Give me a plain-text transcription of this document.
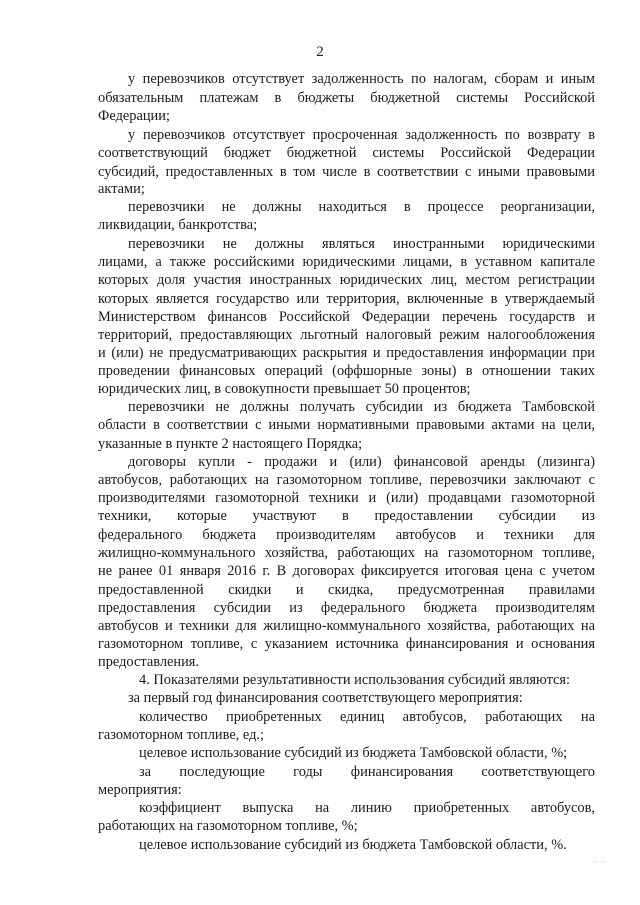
2
у перевозчиков отсутствует задолженность по налогам, сборам и иным
обязательным платежам в бюджеты бюджетной системы Российской
Федерации;
у перевозчиков отсутствует просроченная задолженность по возврату в
соответствующий бюджет бюджетной системы Российской Федерации
субсидий, предоставленных в том числе в соответствии с иными правовыми
актами;
перевозчики не должны находиться в процессе реорганизации,
ликвидации, банкротства;
перевозчики не должны являться иностранными юридическими
лицами, а также российскими юридическими лицами, в уставном капитале
которых доля участия иностранных юридических лиц, местом регистрации
которых является государство или территория, включенные в утверждаемый
Министерством финансов Российской Федерации перечень государств и
территорий, предоставляющих льготный налоговый режим налогообложения
и (или) не предусматривающих раскрытия и предоставления информации при
проведении финансовых операций (оффшорные зоны) в отношении таких
юридических лиц, в совокупности превышает 50 процентов;
перевозчики не должны получать субсидии из бюджета Тамбовской
области в соответствии с иными нормативными правовыми актами на цели,
указанные в пункте 2 настоящего Порядка;
договоры купли - продажи и (или) финансовой аренды (лизинга)
автобусов, работающих на газомоторном топливе, перевозчики заключают с
производителями газомоторной техники и (или) продавцами газомоторной
техники, которые участвуют в предоставлении субсидии из
федерального бюджета производителям автобусов и техники для
жилищно-коммунального хозяйства, работающих на газомоторном топливе,
не ранее 01 января 2016 г. В договорах фиксируется итоговая цена с учетом
предоставленной скидки и скидка, предусмотренная правилами
предоставления субсидии из федерального бюджета производителям
автобусов и техники для жилищно-коммунального хозяйства, работающих на
газомоторном топливе, с указанием источника финансирования и основания
предоставления.
4. Показателями результативности использования субсидий являются:
за первый год финансирования соответствующего мероприятия:
количество приобретенных единиц автобусов, работающих на
газомоторном топливе, ед.;
целевое использование субсидий из бюджета Тамбовской области, %;
за последующие годы финансирования соответствующего
мероприятия:
коэффициент выпуска на линию приобретенных автобусов,
работающих на газомоторном топливе, %;
целевое использование субсидий из бюджета Тамбовской области, %.
. .
